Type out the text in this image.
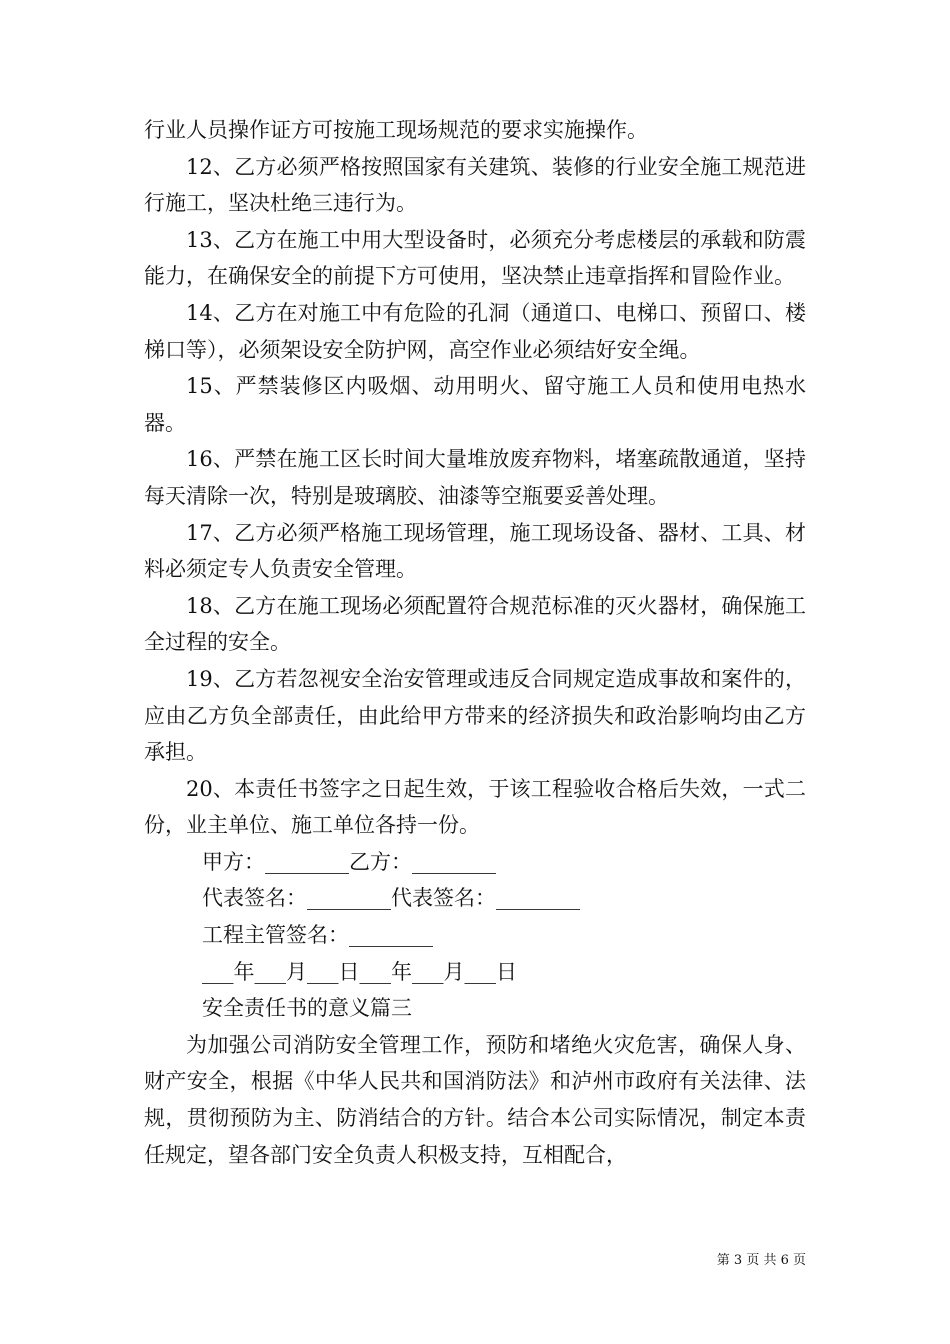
行业人员操作证方可按施工现场规范的要求实施操作。

12、乙方必须严格按照国家有关建筑、装修的行业安全施工规范进行施工，坚决杜绝三违行为。

13、乙方在施工中用大型设备时，必须充分考虑楼层的承载和防震能力，在确保安全的前提下方可使用，坚决禁止违章指挥和冒险作业。

14、乙方在对施工中有危险的孔洞（通道口、电梯口、预留口、楼梯口等），必须架设安全防护网，高空作业必须结好安全绳。

15、严禁装修区内吸烟、动用明火、留守施工人员和使用电热水器。

16、严禁在施工区长时间大量堆放废弃物料，堵塞疏散通道，坚持每天清除一次，特别是玻璃胶、油漆等空瓶要妥善处理。

17、乙方必须严格施工现场管理，施工现场设备、器材、工具、材料必须定专人负责安全管理。

18、乙方在施工现场必须配置符合规范标准的灭火器材，确保施工全过程的安全。

19、乙方若忽视安全治安管理或违反合同规定造成事故和案件的，应由乙方负全部责任，由此给甲方带来的经济损失和政治影响均由乙方承担。

20、本责任书签字之日起生效，于该工程验收合格后失效，一式二份，业主单位、施工单位各持一份。

甲方：________乙方：________

代表签名：________代表签名：________

工程主管签名：________

___年___月___日___年___月___日

安全责任书的意义篇三

为加强公司消防安全管理工作，预防和堵绝火灾危害，确保人身、财产安全，根据《中华人民共和国消防法》和泸州市政府有关法律、法规，贯彻预防为主、防消结合的方针。结合本公司实际情况，制定本责任规定，望各部门安全负责人积极支持，互相配合，

第 3 页 共 6 页
